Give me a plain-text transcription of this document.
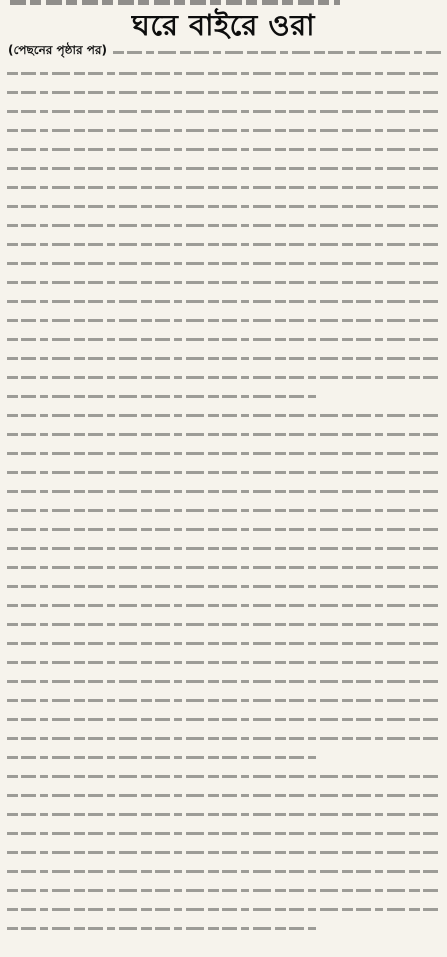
ঘরে বাইরে ওরা
(পেছনের পৃষ্ঠার পর)
